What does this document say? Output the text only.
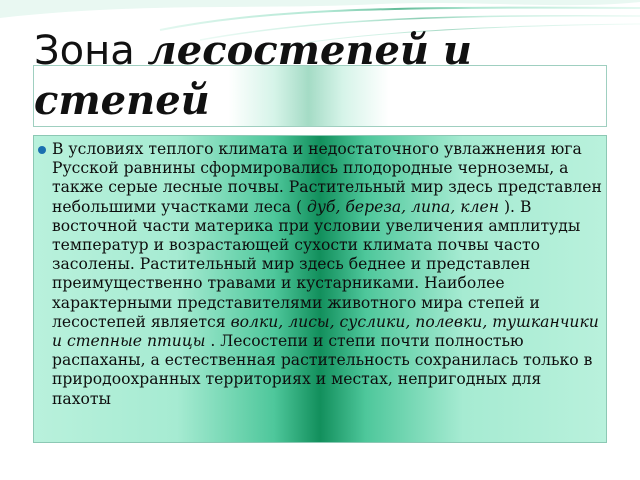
Зона лесостепей и степей

В условиях теплого климата и недостаточного увлажнения юга Русской равнины сформировались плодородные черноземы, а также серые лесные почвы. Растительный мир здесь представлен небольшими участками леса ( дуб, береза, липа, клен ). В восточной части материка при условии увеличения амплитуды температур и возрастающей сухости климата почвы часто засолены. Растительный мир здесь беднее и представлен преимущественно травами и кустарниками. Наиболее характерными представителями животного мира степей и лесостепей является волки, лисы, суслики, полевки, тушканчики и степные птицы . Лесостепи и степи почти полностью распаханы, а естественная растительность сохранилась только в природоохранных территориях и местах, непригодных для пахоты
